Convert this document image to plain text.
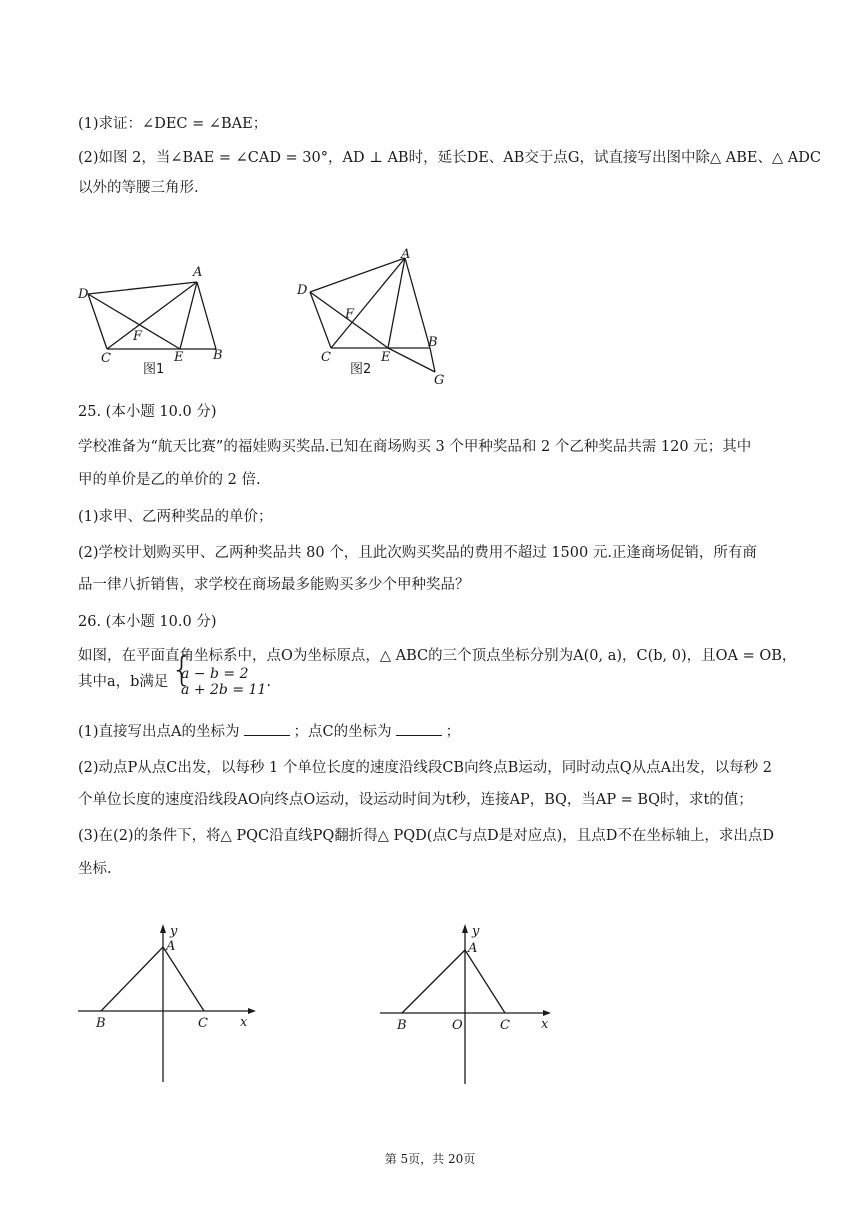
(1)求证：∠DEC = ∠BAE；
(2)如图 2，当∠BAE = ∠CAD = 30°，AD ⊥ AB时，延长DE、AB交于点G，试直接写出图中除△ ABE、△ ADC
以外的等腰三角形.
D
A
F
C	E B
图1
A
D
F
B
C	E
G
图2
y
A
B	C x
y
A
B	O	C x
25. (本小题 10.0 分)
学校准备为“航天比赛”的福娃购买奖品.已知在商场购买 3 个甲种奖品和 2 个乙种奖品共需 120 元；其中
甲的单价是乙的单价的 2 倍.
(1)求甲、乙两种奖品的单价；
(2)学校计划购买甲、乙两种奖品共 80 个，且此次购买奖品的费用不超过 1500 元.正逢商场促销，所有商
品一律八折销售，求学校在商场最多能购买多少个甲种奖品？
26. (本小题 10.0 分)
如图，在平面直角坐标系中，点O为坐标原点，△ ABC的三个顶点坐标分别为A(0, a)，C(b, 0)，且OA = OB，
其中a，b满足
{ a − b = 2
a + 2b = 11 .
(1)直接写出点A的坐标为	；点C的坐标为	；
(2)动点P从点C出发，以每秒 1 个单位长度的速度沿线段CB向终点B运动，同时动点Q从点A出发，以每秒 2
个单位长度的速度沿线段AO向终点O运动，设运动时间为t秒，连接AP，BQ，当AP = BQ时，求t的值；
(3)在(2)的条件下，将△ PQC沿直线PQ翻折得△ PQD(点C与点D是对应点)，且点D不在坐标轴上，求出点D
坐标.
第 5页，共 20页
